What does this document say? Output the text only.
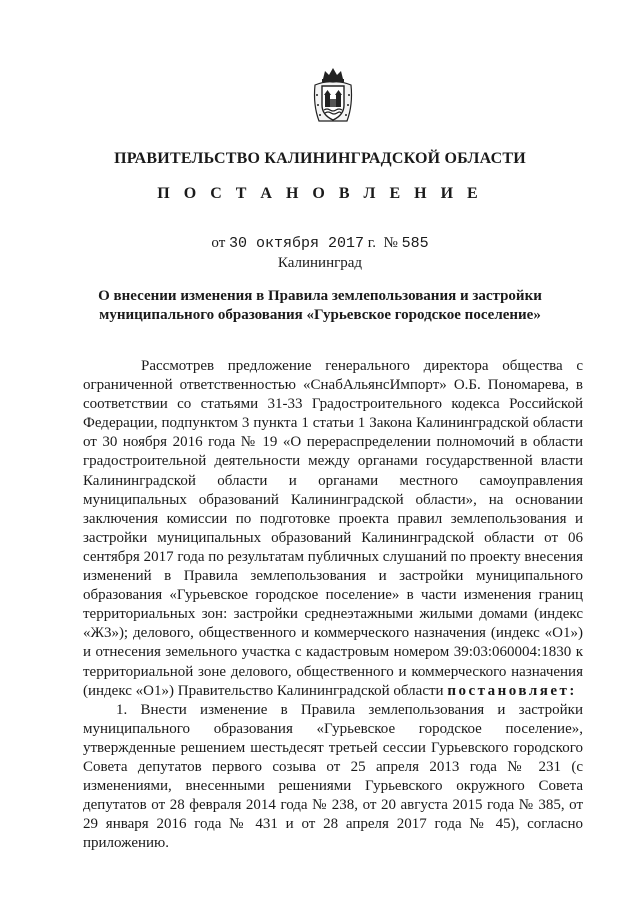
ПРАВИТЕЛЬСТВО КАЛИНИНГРАДСКОЙ ОБЛАСТИ
П О С Т А Н О В Л Е Н И Е
от 30 октября 2017 г. № 585
Калининград
О внесении изменения в Правила землепользования и застройки
муниципального образования «Гурьевское городское поселение»

Рассмотрев предложение генерального директора общества с ограниченной ответственностью «СнабАльянсИмпорт» О.Б. Пономарева, в соответствии со статьями 31-33 Градостроительного кодекса Российской Федерации, подпунктом 3 пункта 1 статьи 1 Закона Калининградской области от 30 ноября 2016 года № 19 «О перераспределении полномочий в области градостроительной деятельности между органами государственной власти Калининградской области и органами местного самоуправления муниципальных образований Калининградской области», на основании заключения комиссии по подготовке проекта правил землепользования и застройки муниципальных образований Калининградской области от 06 сентября 2017 года по результатам публичных слушаний по проекту внесения изменений в Правила землепользования и застройки муниципального образования «Гурьевское городское поселение» в части изменения границ территориальных зон: застройки среднеэтажными жилыми домами (индекс «Ж3»); делового, общественного и коммерческого назначения (индекс «О1») и отнесения земельного участка с кадастровым номером 39:03:060004:1830 к территориальной зоне делового, общественного и коммерческого назначения (индекс «О1») Правительство Калининградской области постановляет:

1. Внести изменение в Правила землепользования и застройки муниципального образования «Гурьевское городское поселение», утвержденные решением шестьдесят третьей сессии Гурьевского городского Совета депутатов первого созыва от 25 апреля 2013 года № 231 (с изменениями, внесенными решениями Гурьевского окружного Совета депутатов от 28 февраля 2014 года № 238, от 20 августа 2015 года № 385, от 29 января 2016 года № 431 и от 28 апреля 2017 года № 45), согласно приложению.
